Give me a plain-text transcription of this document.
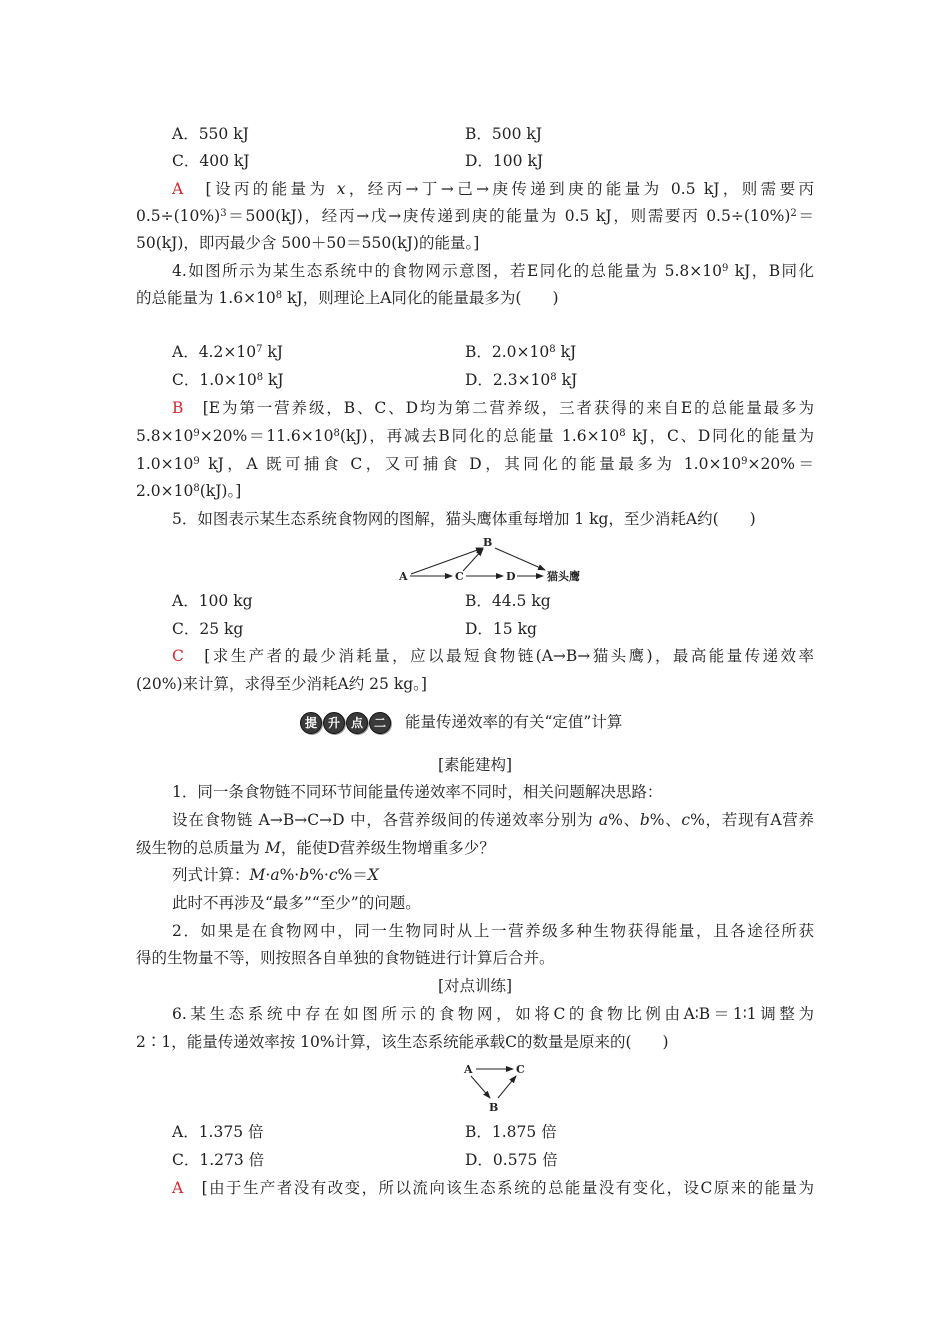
A．550 kJ	B．500 kJ
C．400 kJ	D．100 kJ
A　 [设丙的能量为 x，经丙→丁→己→庚传递到庚的能量为 0.5 kJ，则需要丙
$0.5\div(10\%)^3=500(kJ)$，经丙→戊→庚传递到庚的能量为 0.5 kJ，则需要丙 $0.5\div(10\%)^2=$
50(kJ)，即丙最少含 500＋50＝550(kJ)的能量。]
4.如图所示为某生态系统中的食物网示意图，若E同化的总能量为 $5.8\times 10^9$ kJ，B同化
的总能量为 $1.6\times 10^8$ kJ，则理论上A同化的能量最多为(　　)
A．$4.2\times 10^7$ kJ	B．$2.0\times 10^8$ kJ
C．$1.0\times 10^8$ kJ	D．$2.3\times 10^8$ kJ
B　 [E为第一营养级，B、C、D均为第二营养级，三者获得的来自E的总能量最多为
$5.8\times 10^9\times 20\%=11.6\times 10^8(kJ)$，再减去B同化的总能量 $1.6\times 10^8$ kJ，C、D同化的能量为
$1.0\times 10^9$ kJ，A 既可捕食 C，又可捕食 D，其同化的能量最多为 $1.0\times 10^9\times 20\%=$
$2.0\times 10^8(kJ)$。]
5．如图表示某生态系统食物网的图解，猫头鹰体重每增加 1 kg，至少消耗A约(　　)
A
B
C	D	猫头鹰
A．100 kg	B．44.5 kg
C．25 kg	D．15 kg
C　 [求生产者的最少消耗量，应以最短食物链(A→B→猫头鹰)，最高能量传递效率
(20%)来计算，求得至少消耗A约 25 kg。]
提 升 点 二	能量传递效率的有关“定值”计算
[素能建构]
1．同一条食物链不同环节间能量传递效率不同时，相关问题解决思路：
设在食物链 A→B→C→D 中，各营养级间的传递效率分别为 a%、b%、c%，若现有A营养
级生物的总质量为 M，能使D营养级生物增重多少？
列式计算：M·a%·b%·c%＝X
此时不再涉及“最多”“至少”的问题。
2．如果是在食物网中，同一生物同时从上一营养级多种生物获得能量，且各途径所获
得的生物量不等，则按照各自单独的食物链进行计算后合并。
[对点训练]
6.某生态系统中存在如图所示的食物网，如将C的食物比例由A∶B＝1∶1调整为
2∶1，能量传递效率按 10%计算，该生态系统能承载C的数量是原来的(　　)
A	C
B
A．1.375 倍	B．1.875 倍
C．1.273 倍	D．0.575 倍
A　 [由于生产者没有改变，所以流向该生态系统的总能量没有变化，设C原来的能量为
